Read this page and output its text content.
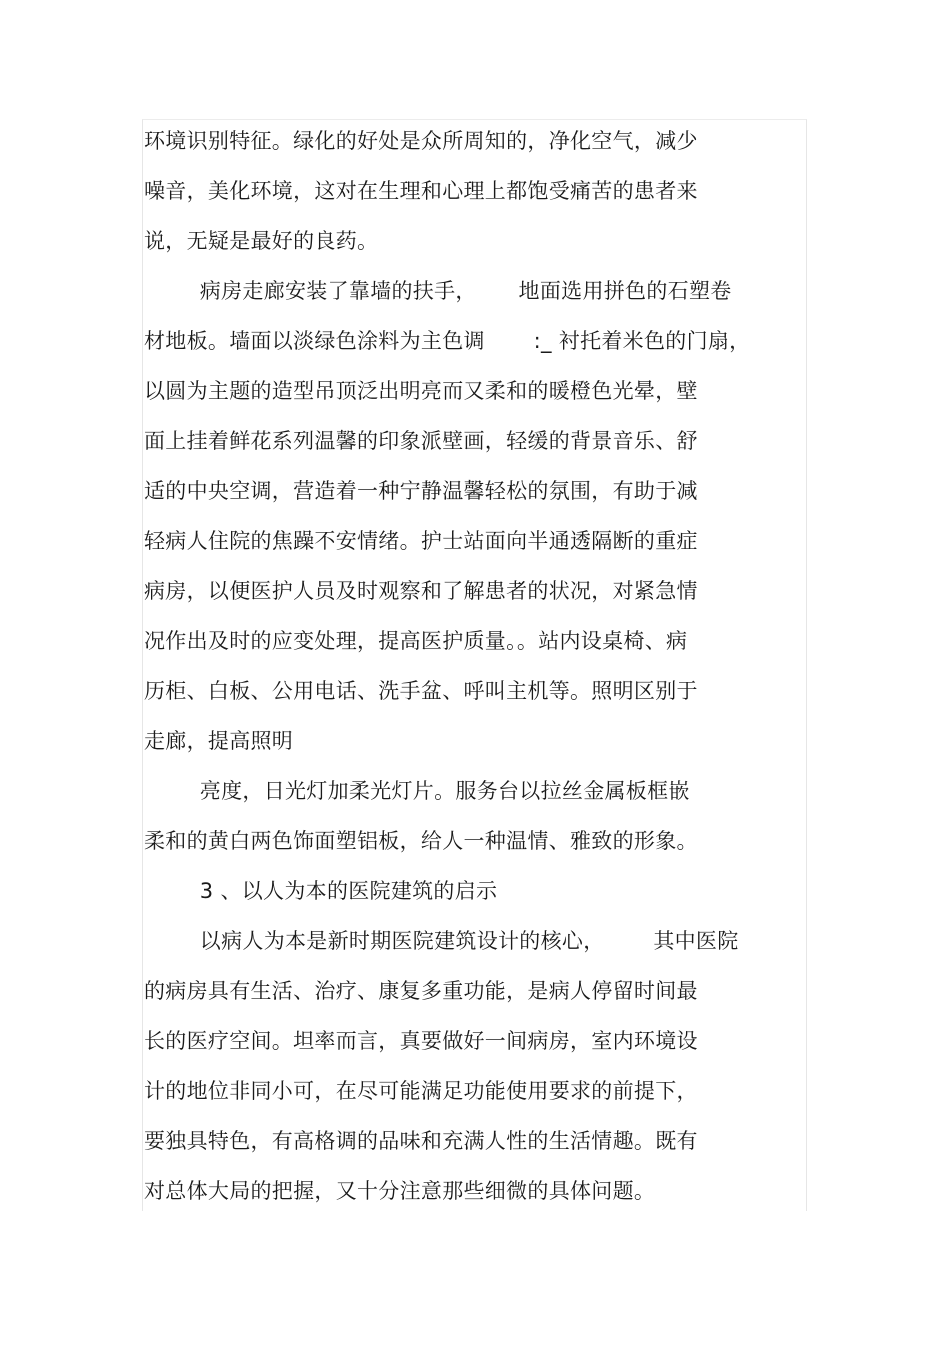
环境识别特征。绿化的好处是众所周知的，净化空气，减少
噪音，美化环境，这对在生理和心理上都饱受痛苦的患者来
说，无疑是最好的良药。
病房走廊安装了靠墙的扶手，      地面选用拼色的石塑卷
材地板。墙面以淡绿色涂料为主色调       :_ 衬托着米色的门扇，
以圆为主题的造型吊顶泛出明亮而又柔和的暖橙色光晕，壁
面上挂着鲜花系列温馨的印象派壁画，轻缓的背景音乐、舒
适的中央空调，营造着一种宁静温馨轻松的氛围，有助于减
轻病人住院的焦躁不安情绪。护士站面向半通透隔断的重症
病房，以便医护人员及时观察和了解患者的状况，对紧急情
况作出及时的应变处理，提高医护质量。。站内设桌椅、病
历柜、白板、公用电话、洗手盆、呼叫主机等。照明区别于
走廊，提高照明
亮度，日光灯加柔光灯片。服务台以拉丝金属板框嵌
柔和的黄白两色饰面塑铝板，给人一种温情、雅致的形象。
3 、以人为本的医院建筑的启示
以病人为本是新时期医院建筑设计的核心，       其中医院
的病房具有生活、治疗、康复多重功能，是病人停留时间最
长的医疗空间。坦率而言，真要做好一间病房，室内环境设
计的地位非同小可，在尽可能满足功能使用要求的前提下，
要独具特色，有高格调的品味和充满人性的生活情趣。既有
对总体大局的把握，又十分注意那些细微的具体问题。
